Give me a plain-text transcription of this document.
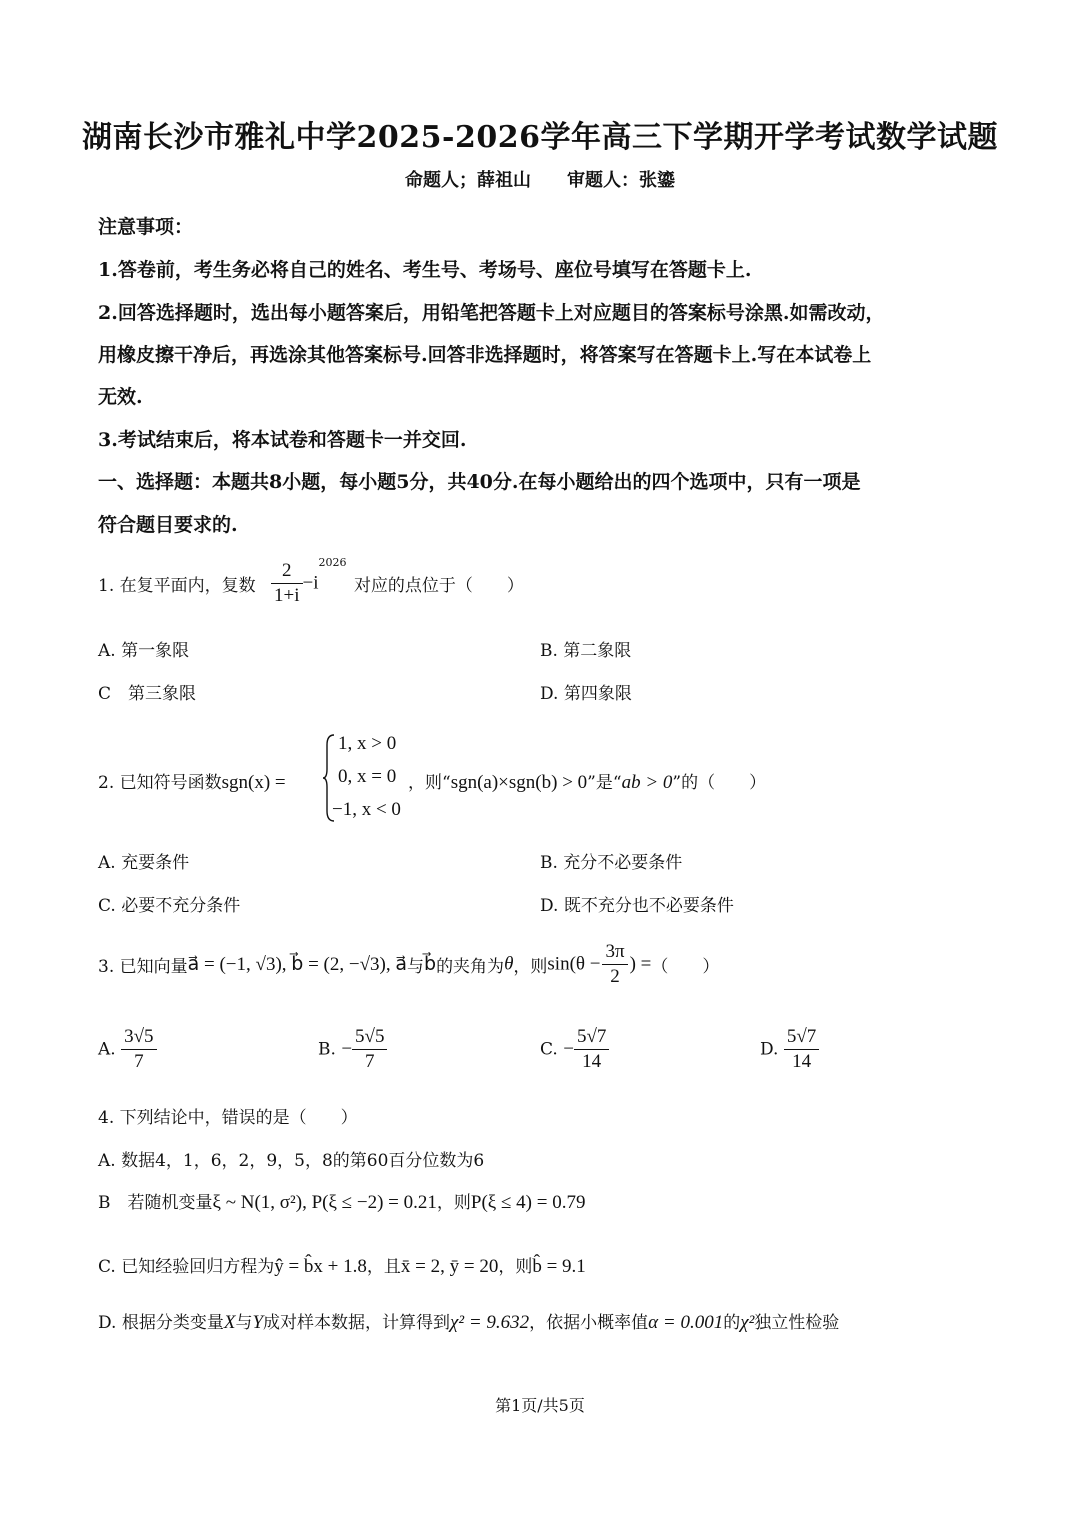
湖南长沙市雅礼中学2025-2026学年高三下学期开学考试数学试题
命题人；薛祖山　　审题人：张鎏
注意事项：
1.答卷前，考生务必将自己的姓名、考生号、考场号、座位号填写在答题卡上.
2.回答选择题时，选出每小题答案后，用铅笔把答题卡上对应题目的答案标号涂黑.如需改动，
用橡皮擦干净后，再选涂其他答案标号.回答非选择题时，将答案写在答题卡上.写在本试卷上
无效.
3.考试结束后，将本试卷和答题卡一并交回.
一、选择题：本题共8小题，每小题5分，共40分.在每小题给出的四个选项中，只有一项是
符合题目要求的.
1. 在复平面内，复数 $\frac{2}{1+i} -i^{2026}$ 对应的点位于（　　）
A. 第一象限	B. 第二象限
C　第三象限	D. 第四象限
2. 已知符号函数sgn(x) =
1, x > 0
0, x = 0
−1, x < 0
，则“sgn(a)×sgn(b) > 0”是“ab > 0”的（　　）
A. 充要条件	B. 充分不必要条件
C. 必要不充分条件	D. 既不充分也不必要条件
3. 已知向量a⃗ = (−1, √3), b⃗ = (2, −√3), a⃗与b⃗的夹角为θ，则$\sin(\theta - \frac{3\pi}{2}$ ) =（　　）
A. $\frac{3√5}{7}$	B. − $\frac{5√5}{7}$	C. − $\frac{5√7}{14}$	D. $\frac{5√7}{14}$
4. 下列结论中，错误的是（　　）
A. 数据4，1，6，2，9，5，8的第60百分位数为6
B　若随机变量ξ ~ N(1, σ²), P(ξ ≤ −2) = 0.21，则P(ξ ≤ 4) = 0.79
C. 已知经验回归方程为ŷ = b̂x + 1.8，且x̄ = 2, ȳ = 20，则b̂ = 9.1
D. 根据分类变量X与Y成对样本数据，计算得到χ² = 9.632，依据小概率值α = 0.001的χ²独立性检验
第1页/共5页
